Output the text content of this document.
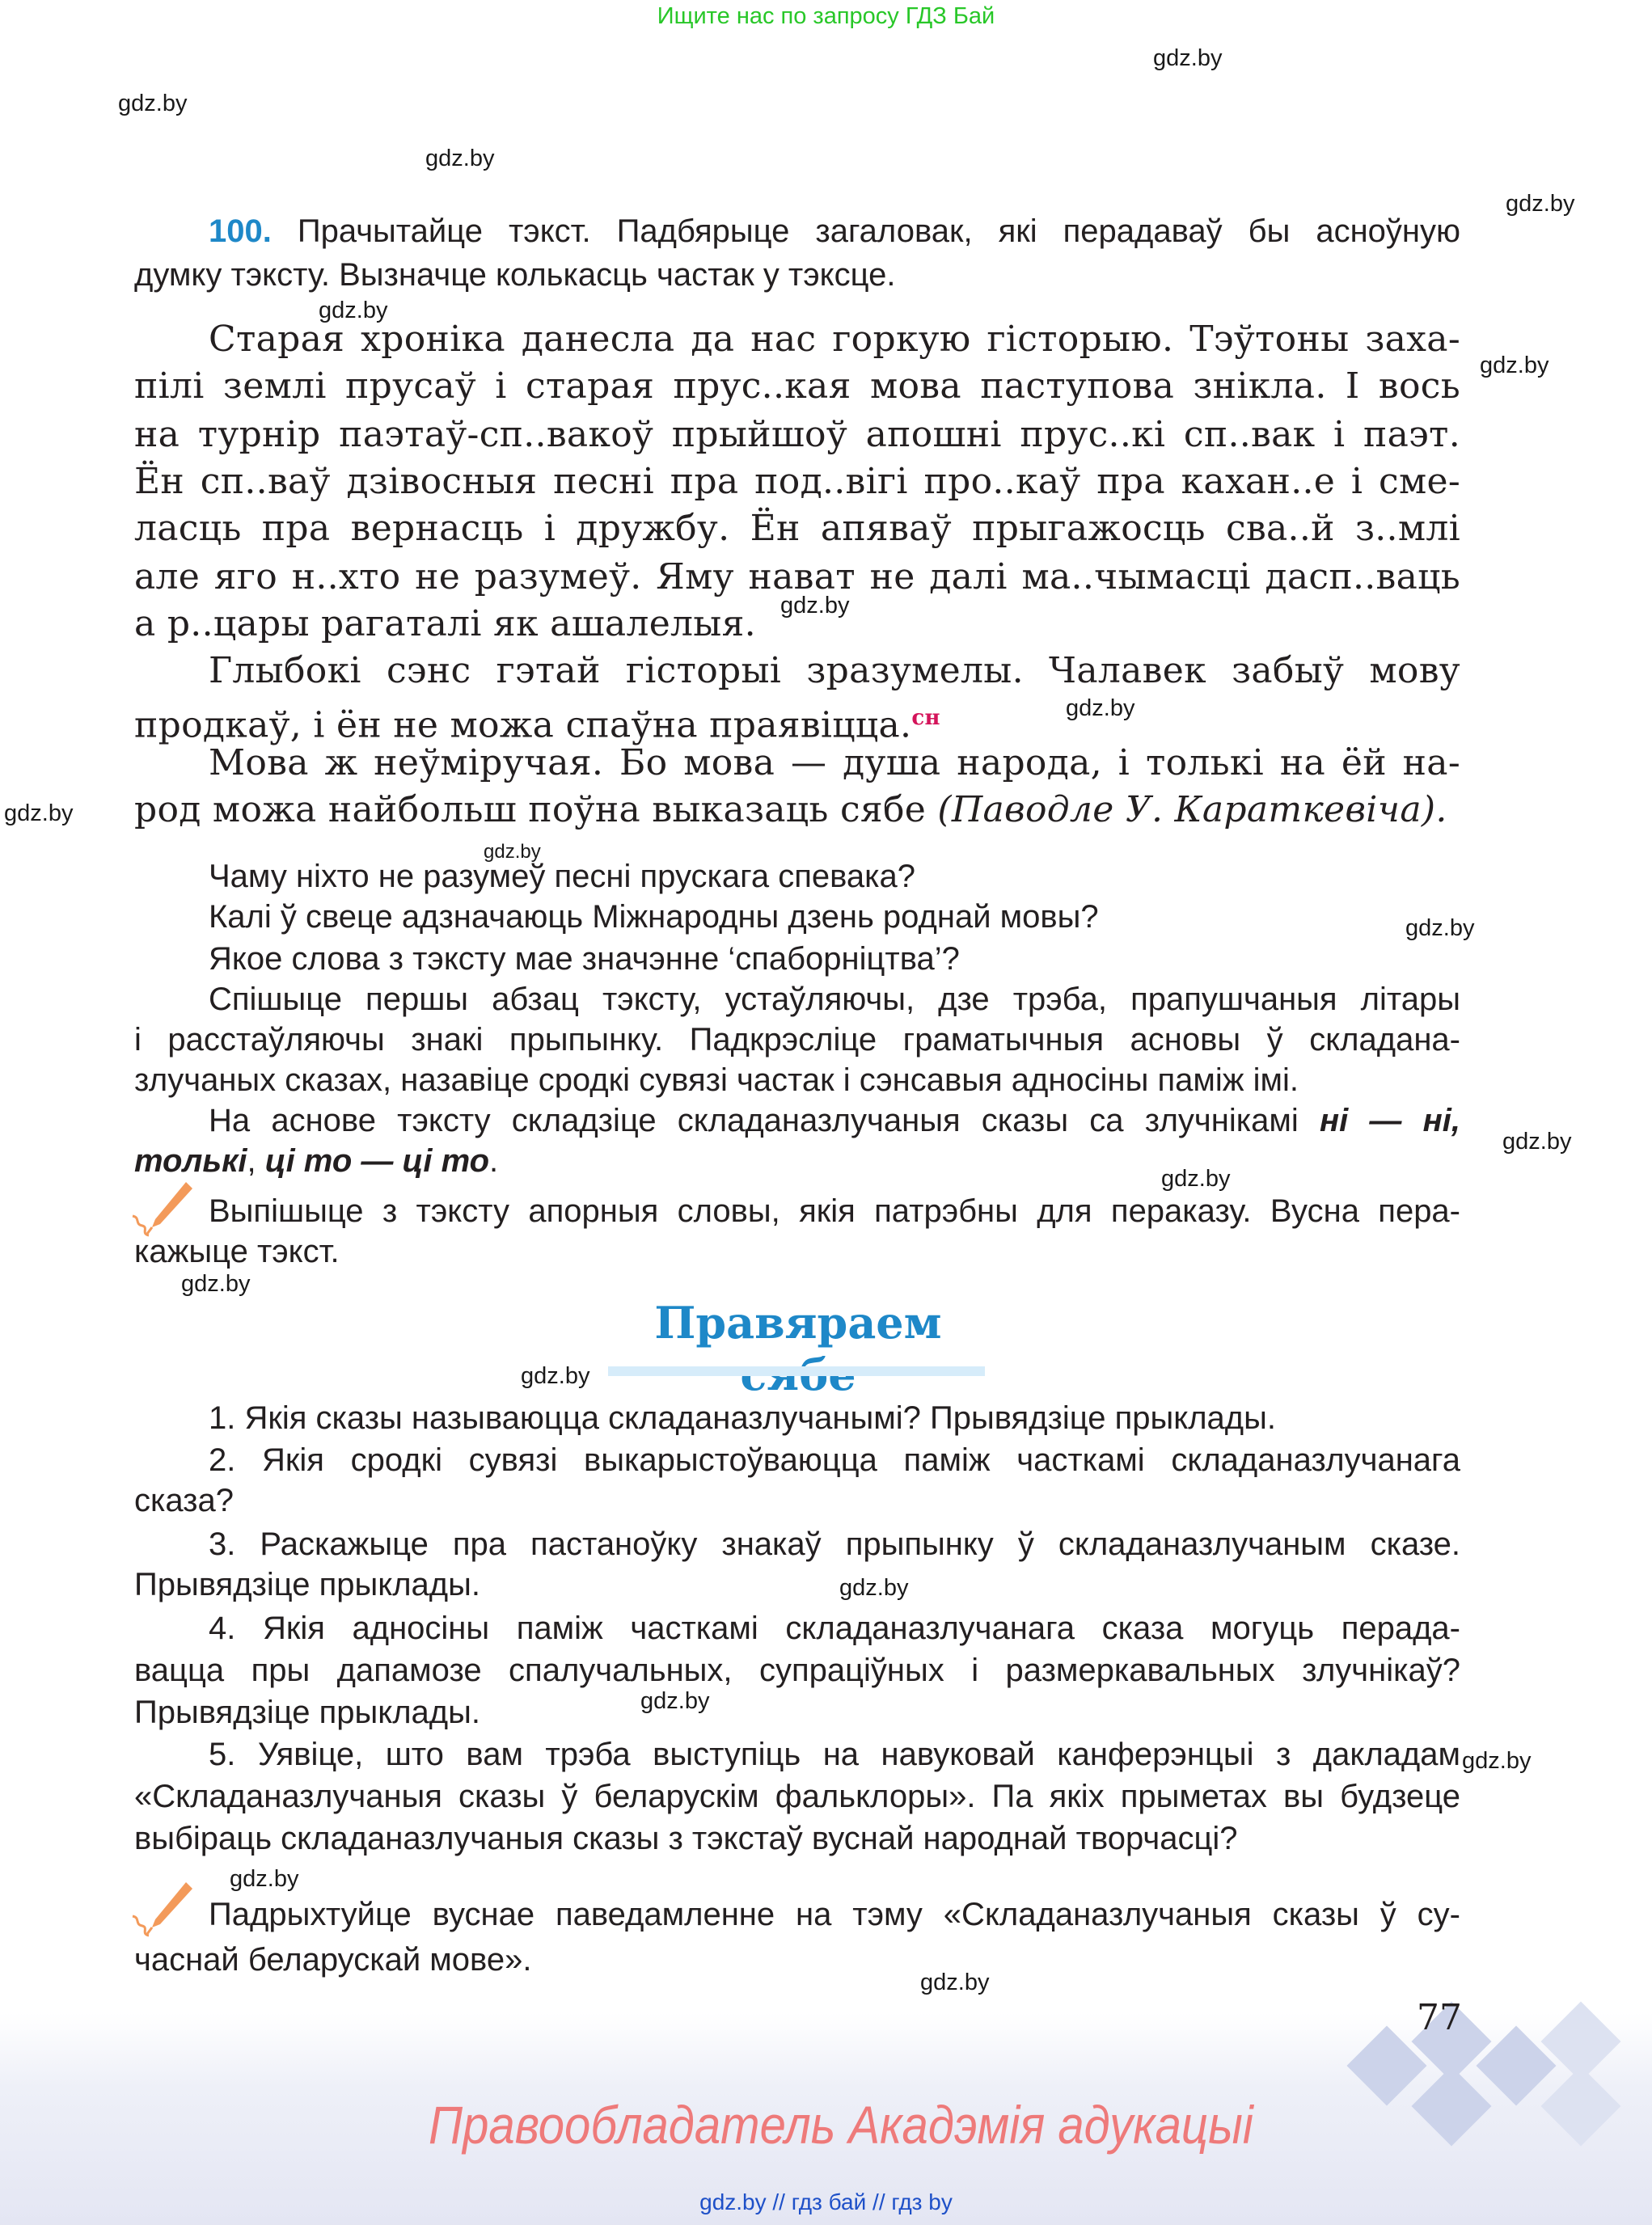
Ищите нас по запросу ГДЗ Бай
gdz.by
gdz.by
gdz.by
gdz.by
gdz.by
gdz.by
gdz.by
gdz.by
gdz.by
gdz.by
gdz.by
gdz.by
gdz.by
gdz.by
gdz.by
gdz.by
gdz.by
gdz.by
gdz.by
gdz.by
100. Прачытайце тэкст. Падбярыце загаловак, які перадаваў бы асноўную
думку тэксту. Вызначце колькасць частак у тэксце.
Старая хроніка данесла да нас горкую гісторыю. Тэўтоны заха-
пілі землі прусаў і старая прус..кая мова паступова знікла. І вось
на турнір паэтаў-сп..вакоў прыйшоў апошні прус..кі сп..вак і паэт.
Ён сп..ваў дзівосныя песні пра под..вігі про..каў пра кахан..е і сме-
ласць пра вернасць і дружбу. Ён апяваў прыгажосць сва..й з..млі
але яго н..хто не разумеў. Яму нават не далі ма..чымасці дасп..ваць
а р..цары рагаталі як ашалелыя.
Глыбокі сэнс гэтай гісторыі зразумелы. Чалавек забыў мову
продкаў, і ён не можа спаўна праявіцца.$^{сн}$
Мова ж неўміручая. Бо мова — душа народа, і толькі на ёй на-
род можа найбольш поўна выказаць сябе (Паводле У. Караткевіча).
Чаму ніхто не разумеў песні прускага спевака?
Калі ў свеце адзначаюць Міжнародны дзень роднай мовы?
Якое слова з тэксту мае значэнне ‘спаборніцтва’?
Спішыце першы абзац тэксту, устаўляючы, дзе трэба, прапушчаныя літары
і расстаўляючы знакі прыпынку. Падкрэсліце граматычныя асновы ў складана-
злучаных сказах, назавіце сродкі сувязі частак і сэнсавыя адносіны паміж імі.
На аснове тэксту складзіце складаназлучаныя сказы са злучнікамі ні — ні,
толькі, ці то — ці то.
Выпішыце з тэксту апорныя словы, якія патрэбны для пераказу. Вусна пера-
кажыце тэкст.
Правяраем
1. Якія сказы называюцца складаназлучанымі? Прывядзіце прыклады.
2. Якія сродкі сувязі выкарыстоўваюцца паміж часткамі складаназлучанага
сказа?
3. Раскажыце пра пастаноўку знакаў прыпынку ў складаназлучаным сказе.
Прывядзіце прыклады.
4. Якія адносіны паміж часткамі складаназлучанага сказа могуць перада-
вацца пры дапамозе спалучальных, супраціўных і размеркавальных злучнікаў?
Прывядзіце прыклады.
5. Уявіце, што вам трэба выступіць на навуковай канферэнцыі з дакладам
«Складаназлучаныя сказы ў беларускім фальклоры». Па якіх прыметах вы будзеце
выбіраць складаназлучаныя сказы з тэкстаў вуснай народнай творчасці?
Падрыхтуйце вуснае паведамленне на тэму «Складаназлучаныя сказы ў су-
часнай беларускай мове».
77
Правообладатель Акадэмія адукацыі
gdz.by // гдз бай // гдз by
